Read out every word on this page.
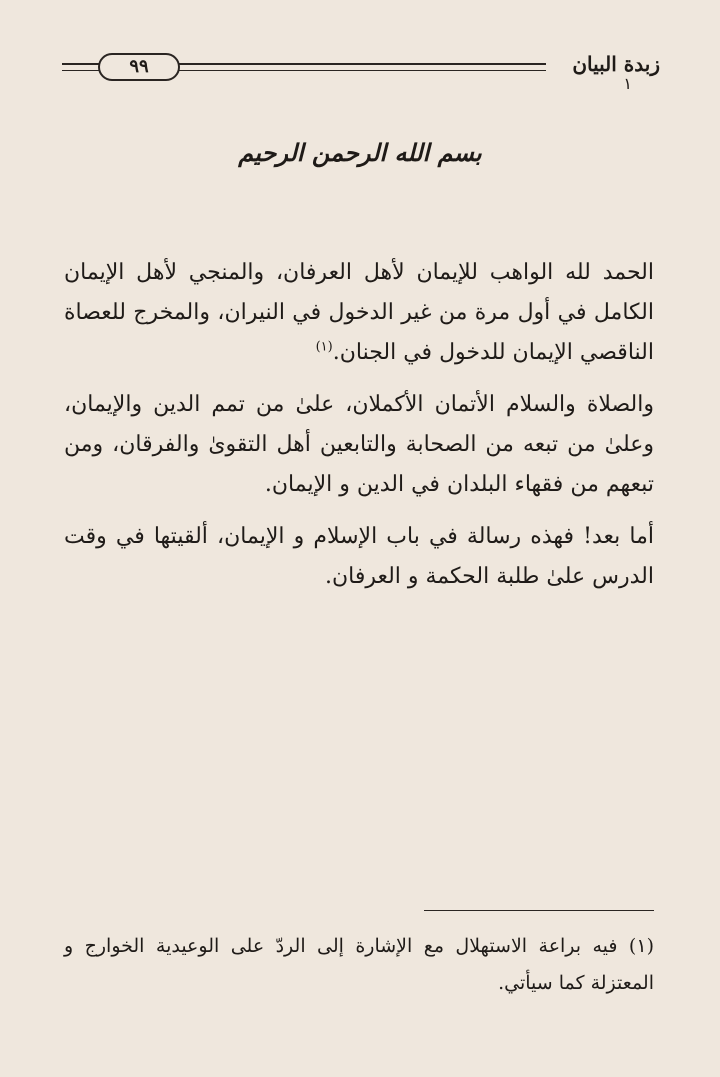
٩٩	زبدة البيان
١
بسم الله الرحمن الرحيم

الحمد لله الواهب للإيمان لأهل العرفان، والمنجي لأهل الإيمان الكامل في أول مرة من غير الدخول في النيران، والمخرج للعصاة الناقصي الإيمان للدخول في الجنان.$^{(١)}$

والصلاة والسلام الأتمان الأكملان، علىٰ من تمم الدين والإيمان، وعلىٰ من تبعه من الصحابة والتابعين أهل التقوىٰ والفرقان، ومن تبعهم من فقهاء البلدان في الدين و الإيمان.

أما بعد! فهذه رسالة في باب الإسلام و الإيمان، ألقيتها في وقت الدرس علىٰ طلبة الحكمة و العرفان.

(١) فيه براعة الاستهلال مع الإشارة إلى الردّ على الوعيدية الخوارج و المعتزلة كما سيأتي.
